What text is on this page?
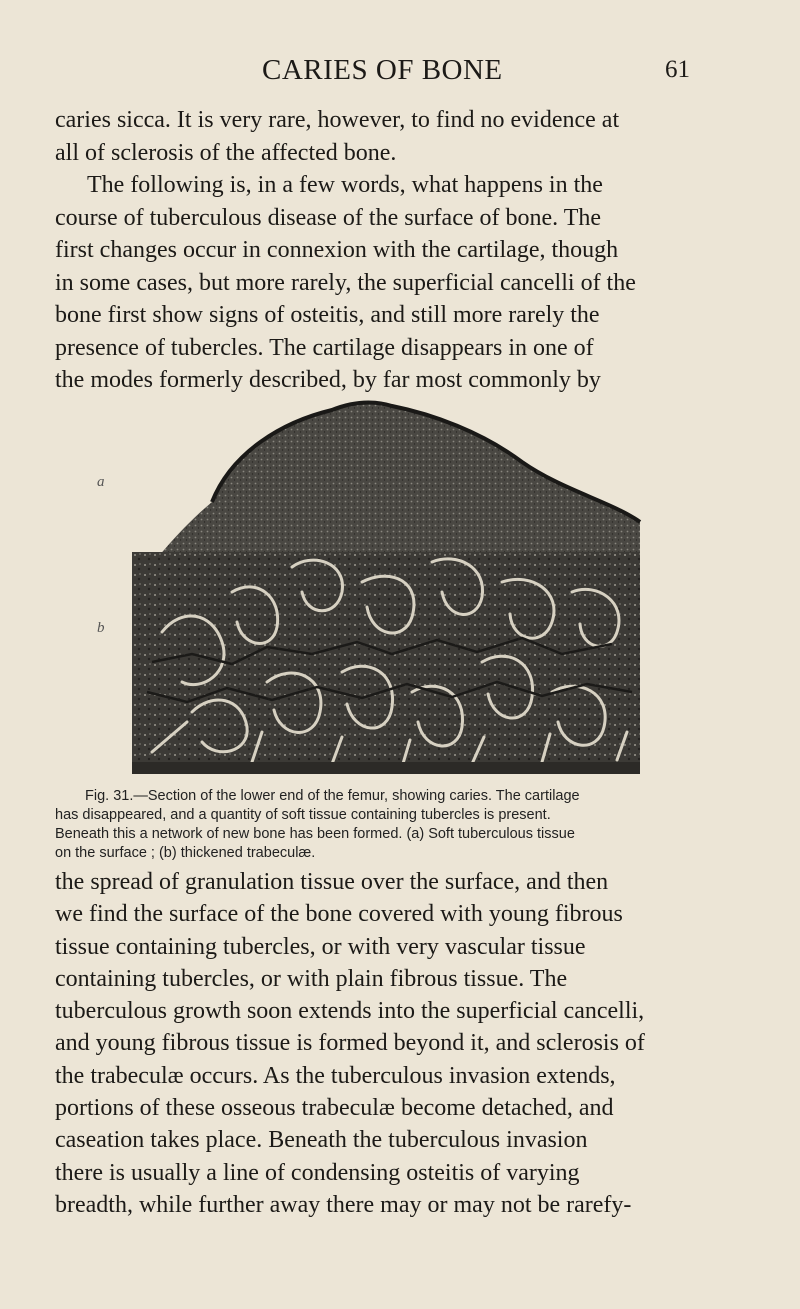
CARIES OF BONE	61
caries sicca. It is very rare, however, to find no evidence at
all of sclerosis of the affected bone.
The following is, in a few words, what happens in the
course of tuberculous disease of the surface of bone. The
first changes occur in connexion with the cartilage, though
in some cases, but more rarely, the superficial cancelli of the
bone first show signs of osteitis, and still more rarely the
presence of tubercles. The cartilage disappears in one of
the modes formerly described, by far most commonly by
a
b
Fig. 31.—Section of the lower end of the femur, showing caries. The cartilage
has disappeared, and a quantity of soft tissue containing tubercles is present.
Beneath this a network of new bone has been formed. (a) Soft tuberculous tissue
on the surface ; (b) thickened trabeculæ.
the spread of granulation tissue over the surface, and then
we find the surface of the bone covered with young fibrous
tissue containing tubercles, or with very vascular tissue
containing tubercles, or with plain fibrous tissue. The
tuberculous growth soon extends into the superficial cancelli,
and young fibrous tissue is formed beyond it, and sclerosis of
the trabeculæ occurs. As the tuberculous invasion extends,
portions of these osseous trabeculæ become detached, and
caseation takes place. Beneath the tuberculous invasion
there is usually a line of condensing osteitis of varying
breadth, while further away there may or may not be rarefy-
